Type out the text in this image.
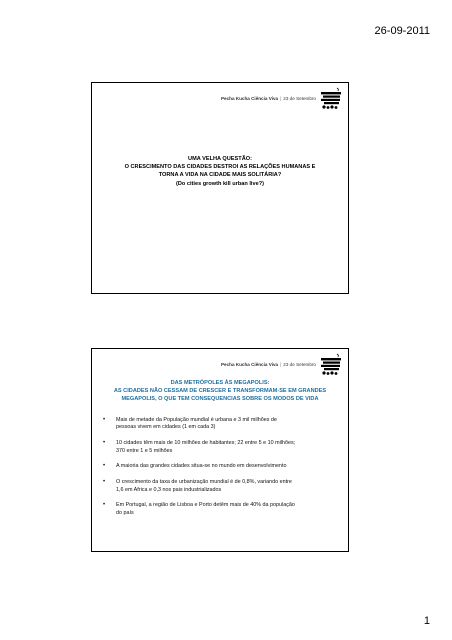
26-09-2011
Pecha Kucha Ciência Viva | 23 de Setembro
UMA VELHA QUESTÃO:
O CRESCIMENTO DAS CIDADES DESTROI AS RELAÇÕES HUMANAS E
TORNA A VIDA NA CIDADE MAIS SOLITÁRIA?
(Do cities growth kill urban live?)
Pecha Kucha Ciência Viva | 23 de Setembro
DAS METRÓPOLES ÀS MEGAPOLIS:
AS CIDADES NÃO CESSAM DE CRESCER E TRANSFORMAM-SE EM GRANDES
MEGAPOLIS, O QUE TEM CONSEQUENCIAS SOBRE OS MODOS DE VIDA
• Mais de metade da População mundial é urbana e 3 mil milhões de
pessoas vivem em cidades (1 em cada 3)
• 10 cidades têm mais de 10 milhões de habitantes; 22 entre 5 e 10 milhões;
370 entre 1 e 5 milhões
• A maioria das grandes cidades situa-se no mundo em desenvolvimento
• O crescimento da taxa de urbanização mundial é de 0,8%, variando entre
1,6 em Africa e 0,3 nos pais industrializados
• Em Portugal, a região de Lisboa e Porto detêm mais de 40% da população
do país
1
